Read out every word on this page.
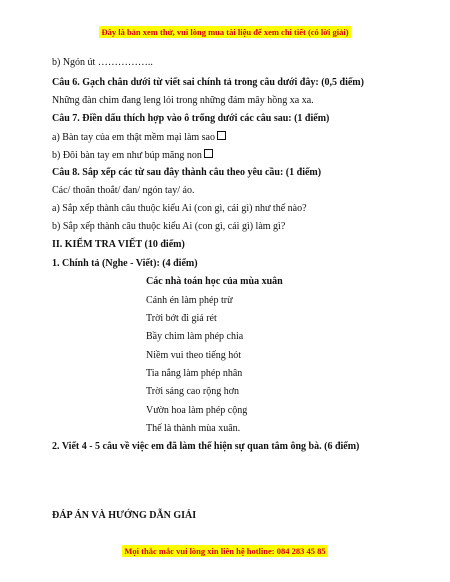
Đây là bản xem thử, vui lòng mua tài liệu để xem chi tiết (có lời giải)
b) Ngón út ……………..
Câu 6. Gạch chân dưới từ viết sai chính tả trong câu dưới đây: (0,5 điểm)
Những đàn chim đang leng lỏi trong những đám mây hồng xa xa.
Câu 7. Điền dấu thích hợp vào ô trống dưới các câu sau: (1 điểm)
a) Bàn tay của em thật mềm mại làm sao
b) Đôi bàn tay em như búp măng non
Câu 8. Sắp xếp các từ sau đây thành câu theo yêu cầu: (1 điểm)
Các/ thoăn thoắt/ đan/ ngón tay/ áo.
a) Sắp xếp thành câu thuộc kiểu Ai (con gì, cái gì) như thế nào?
b) Sắp xếp thành câu thuộc kiểu Ai (con gì, cái gì) làm gì?
II. KIỂM TRA VIẾT (10 điểm)
1. Chính tả (Nghe - Viết): (4 điểm)
Các nhà toán học của mùa xuân
Cánh én làm phép trừ
Trời bớt đi giá rét
Bầy chim làm phép chia
Niềm vui theo tiếng hót
Tia nắng làm phép nhân
Trời sáng cao rộng hơn
Vườn hoa làm phép cộng
Thế là thành mùa xuân.
2. Viết 4 - 5 câu về việc em đã làm thể hiện sự quan tâm ông bà. (6 điểm)
ĐÁP ÁN VÀ HƯỚNG DẪN GIẢI
Mọi thắc mắc vui lòng xin liên hệ hotline: 084 283 45 85
